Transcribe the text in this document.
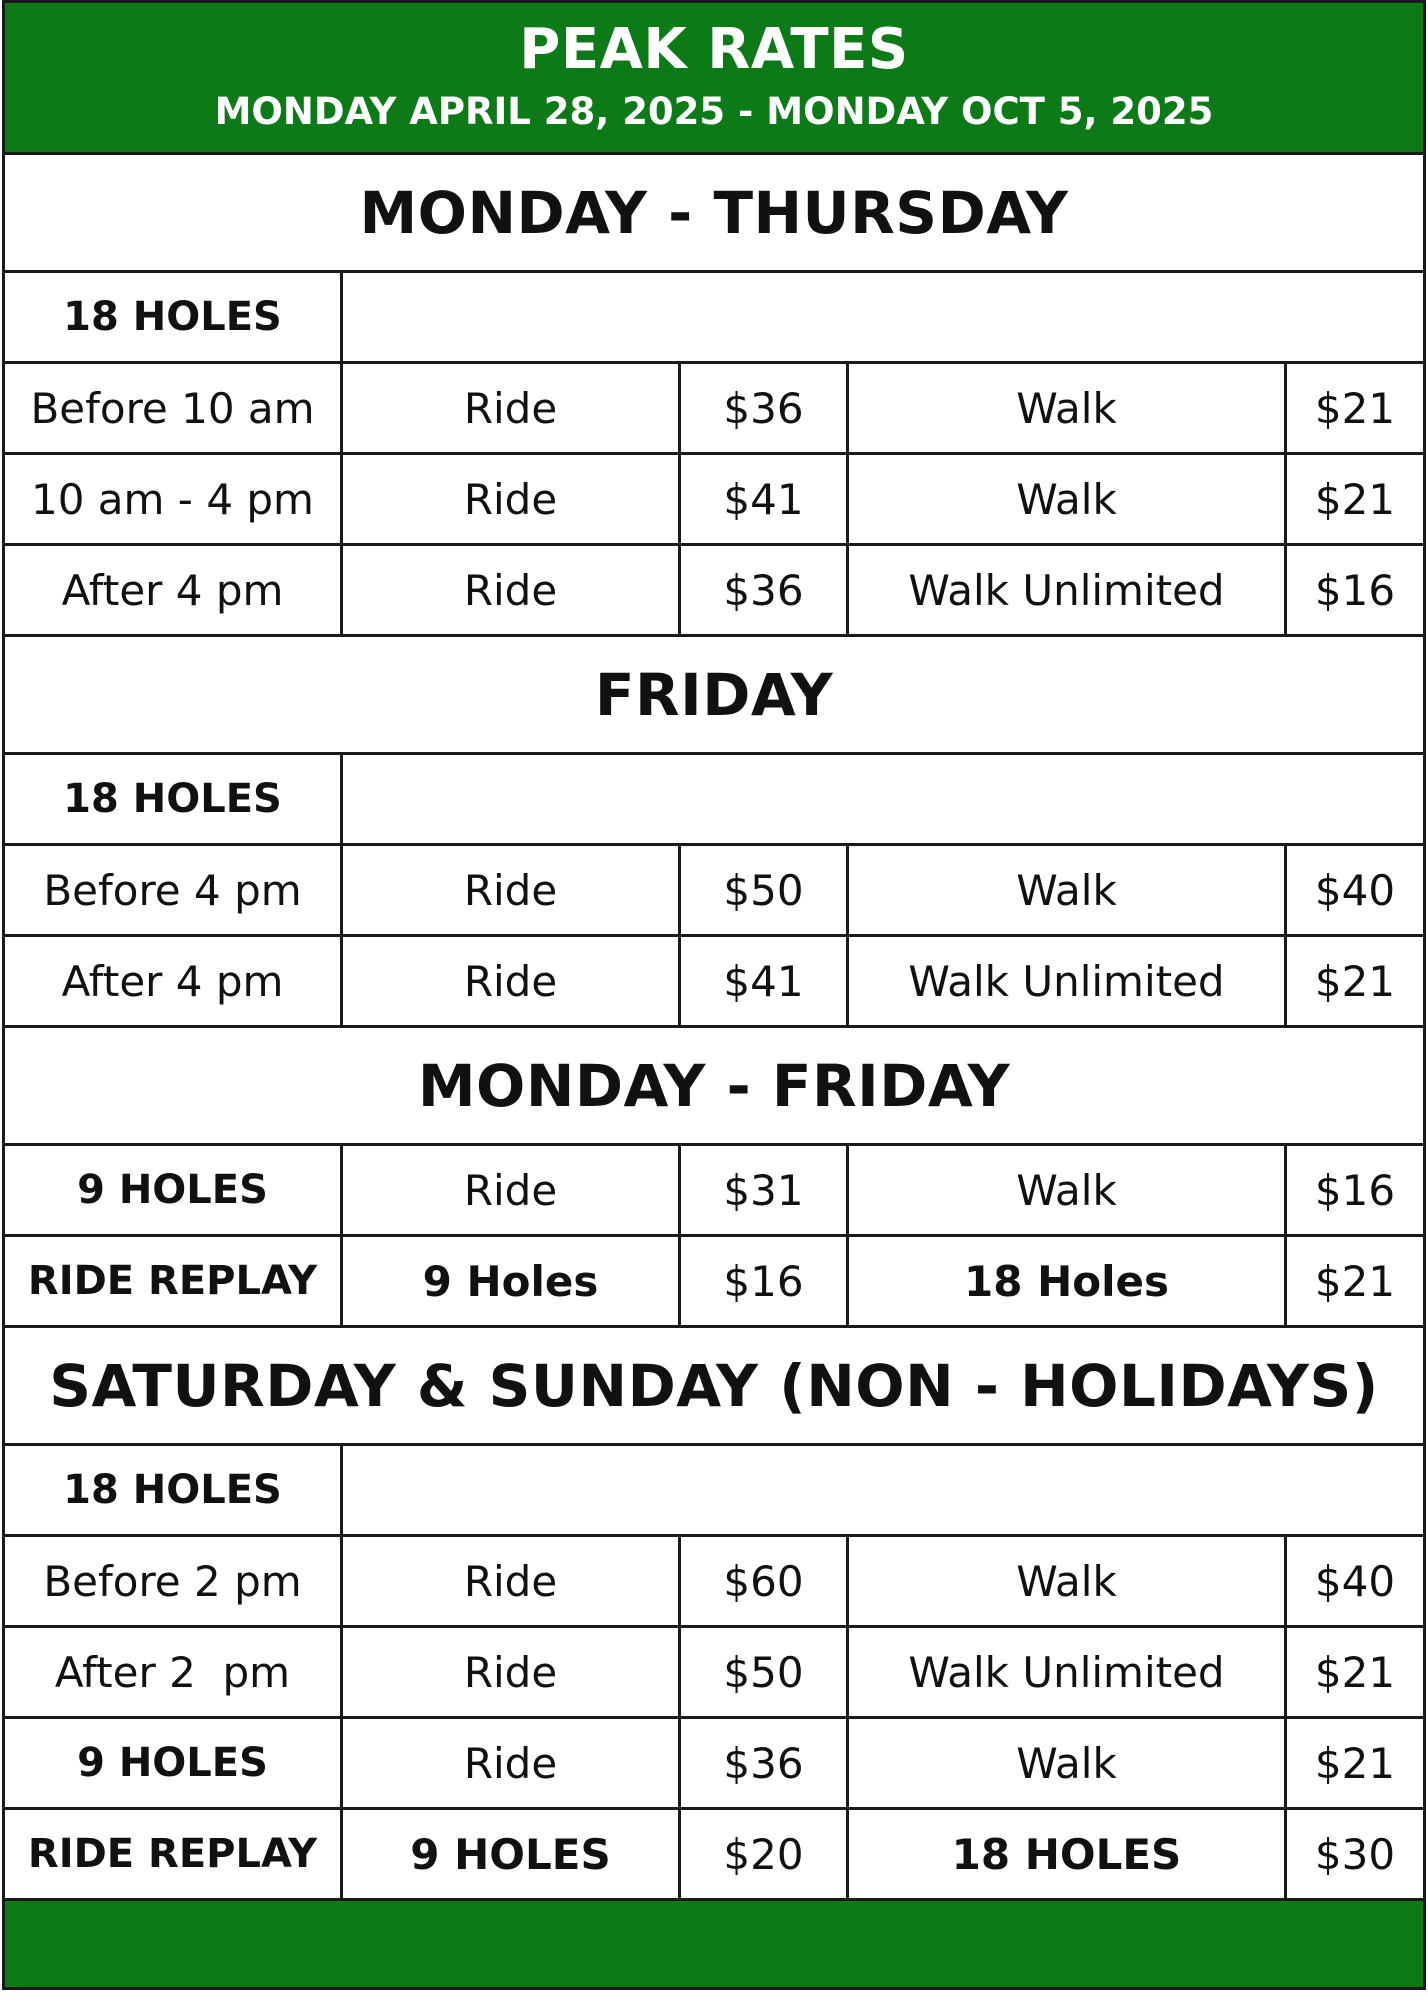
PEAK RATES
MONDAY APRIL 28, 2025 - MONDAY OCT 5, 2025
MONDAY - THURSDAY
18 HOLES
Before 10 am	Ride	$36	Walk	$21
10 am - 4 pm	Ride	$41	Walk	$21
After 4 pm	Ride	$36	Walk Unlimited	$16
FRIDAY
18 HOLES
Before 4 pm	Ride	$50	Walk	$40
After 4 pm	Ride	$41	Walk Unlimited	$21
MONDAY - FRIDAY
9 HOLES	Ride	$31	Walk	$16
RIDE REPLAY	9 Holes	$16	18 Holes	$21
SATURDAY & SUNDAY (NON - HOLIDAYS)
18 HOLES
Before 2 pm	Ride	$60	Walk	$40
After 2  pm	Ride	$50	Walk Unlimited	$21
9 HOLES	Ride	$36	Walk	$21
RIDE REPLAY	9 HOLES	$20	18 HOLES	$30
